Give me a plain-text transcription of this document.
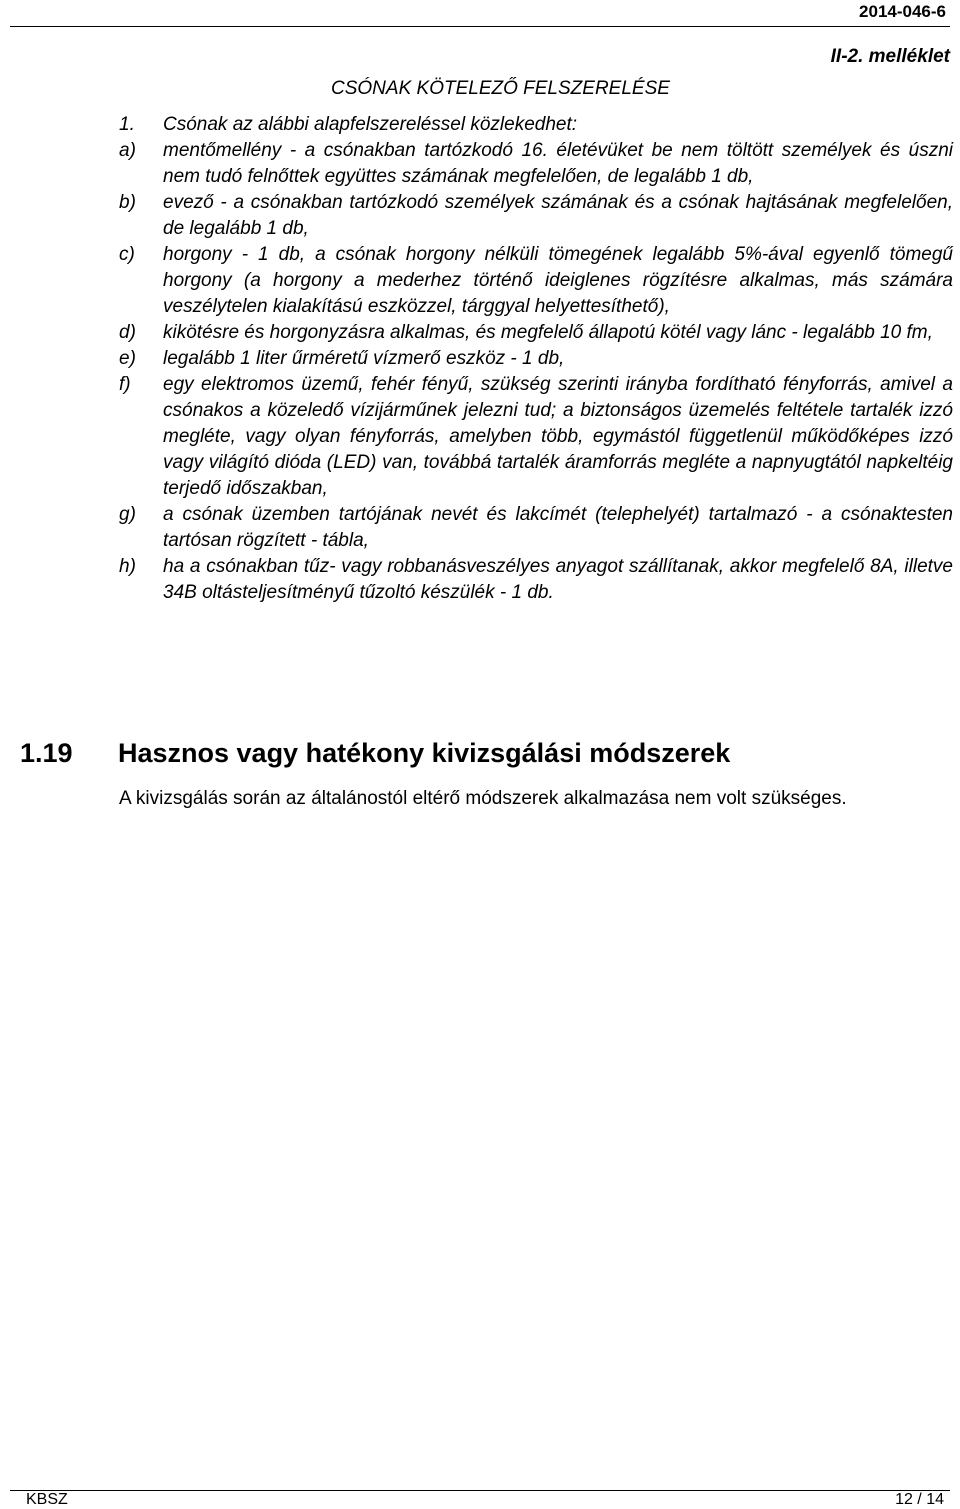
2014-046-6
II-2. melléklet
CSÓNAK KÖTELEZŐ FELSZERELÉSE
1. Csónak az alábbi alapfelszereléssel közlekedhet:
a) mentőmellény - a csónakban tartózkodó 16. életévüket be nem töltött személyek és úszni nem tudó felnőttek együttes számának megfelelően, de legalább 1 db,
b) evező - a csónakban tartózkodó személyek számának és a csónak hajtásának megfelelően, de legalább 1 db,
c) horgony - 1 db, a csónak horgony nélküli tömegének legalább 5%-ával egyenlő tömegű horgony (a horgony a mederhez történő ideiglenes rögzítésre alkalmas, más számára veszélytelen kialakítású eszközzel, tárggyal helyettesíthető),
d) kikötésre és horgonyzásra alkalmas, és megfelelő állapotú kötél vagy lánc - legalább 10 fm,
e) legalább 1 liter űrméretű vízmerő eszköz - 1 db,
f) egy elektromos üzemű, fehér fényű, szükség szerinti irányba fordítható fényforrás, amivel a csónakos a közeledő vízijárműnek jelezni tud; a biztonságos üzemelés feltétele tartalék izzó megléte, vagy olyan fényforrás, amelyben több, egymástól függetlenül működőképes izzó vagy világító dióda (LED) van, továbbá tartalék áramforrás megléte a napnyugtától napkeltéig terjedő időszakban,
g) a csónak üzemben tartójának nevét és lakcímét (telephelyét) tartalmazó - a csónaktesten tartósan rögzített - tábla,
h) ha a csónakban tűz- vagy robbanásveszélyes anyagot szállítanak, akkor megfelelő 8A, illetve 34B oltásteljesítményű tűzoltó készülék - 1 db.
1.19 Hasznos vagy hatékony kivizsgálási módszerek
A kivizsgálás során az általánostól eltérő módszerek alkalmazása nem volt szükséges.
KBSZ	12 / 14
